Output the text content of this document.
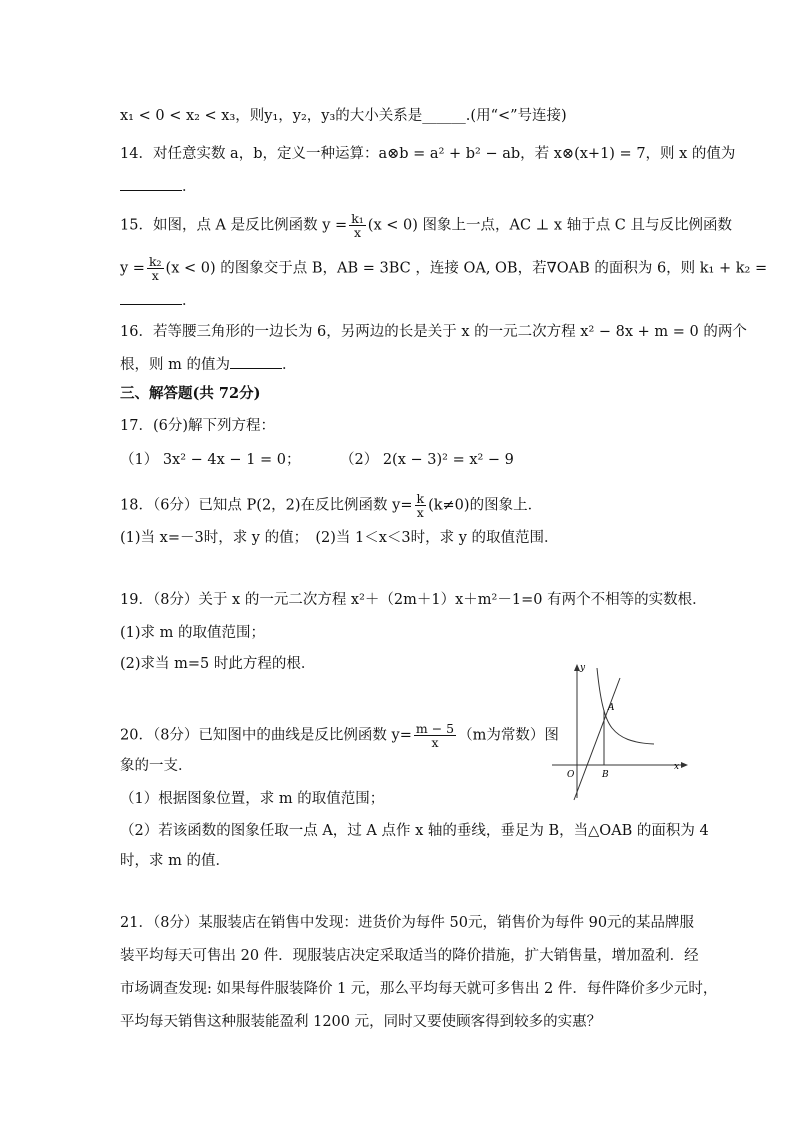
x₁ < 0 < x₂ < x₃，则y₁，y₂，y₃的大小关系是______.(用“<”号连接)
14．对任意实数 a，b，定义一种运算：a⊗b = a² + b² − ab，若 x⊗(x+1) = 7，则 x 的值为
．
15．如图，点 A 是反比例函数 $y = \frac{\text{k₁}}{x} (x < 0)$ 图象上一点，AC ⊥ x 轴于点 C 且与反比例函数
$y = \frac{\text{k₂}}{x} (x < 0)$ 的图象交于点 B，AB = 3BC ，连接 OA, OB，若∇OAB 的面积为 6，则 k₁ + k₂ =
．
16．若等腰三角形的一边长为 6，另两边的长是关于 x 的一元二次方程 x² − 8x + m = 0 的两个
根，则 m 的值为	．
三、解答题(共 72分)
17．(6分)解下列方程：
（1） 3x² − 4x − 1 = 0；	（2） 2(x − 3)² = x² − 9
18．（6分）已知点 P(2，2)在反比例函数 $y= \frac{k}{x} (k\ne 0)$的图象上．
(1)当 x=－3时，求 y 的值；　(2)当 1＜x＜3时，求 y 的取值范围．
19．（8分）关于 x 的一元二次方程 x²＋（2m＋1）x＋m²－1=0 有两个不相等的实数根．
(1)求 m 的取值范围；
(2)求当 m=5 时此方程的根．
20．（8分）已知图中的曲线是反比例函数 $y= \frac{m - 5}{x} (m$为常数）图
象的一支．
（1）根据图象位置，求 m 的取值范围；
（2）若该函数的图象任取一点 A，过 A 点作 x 轴的垂线，垂足为 B，当△OAB 的面积为 4
时，求 m 的值．
y
x
O
A
B
21．（8分）某服装店在销售中发现：进货价为每件 50元，销售价为每件 90元的某品牌服
装平均每天可售出 20 件．现服装店决定采取适当的降价措施，扩大销售量，增加盈利．经
市场调查发现: 如果每件服装降价 1 元，那么平均每天就可多售出 2 件．每件降价多少元时，
平均每天销售这种服装能盈利 1200 元，同时又要使顾客得到较多的实惠？
